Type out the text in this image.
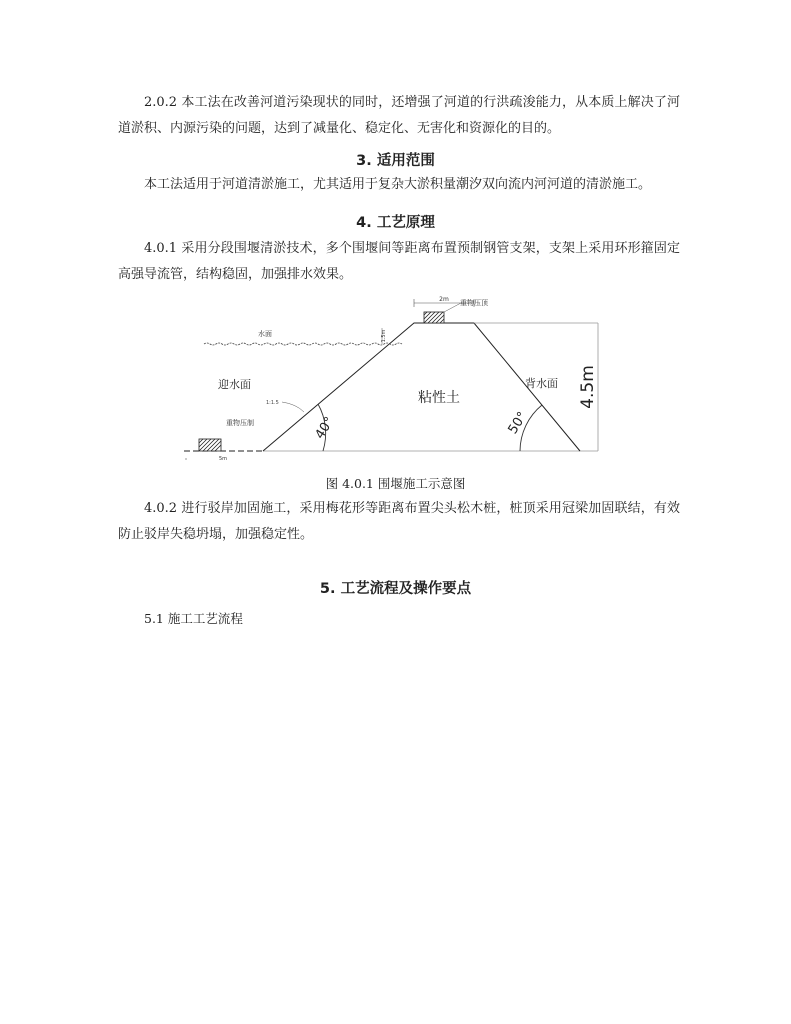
2.0.2 本工法在改善河道污染现状的同时，还增强了河道的行洪疏浚能力，从本质上解决了河道淤积、内源污染的问题，达到了减量化、稳定化、无害化和资源化的目的。

3. 适用范围

本工法适用于河道清淤施工，尤其适用于复杂大淤积量潮汐双向流内河河道的清淤施工。

4. 工艺原理

4.0.1 采用分段围堰清淤技术，多个围堰间等距离布置预制钢管支架，支架上采用环形箍固定高强导流管，结构稳固，加强排水效果。

2m 重物压顶
水面	1.5m
迎水面
1:1.5	粘性土
背水面 4.5m
40°	50°
重物压制
5m

图 4.0.1 围堰施工示意图

4.0.2 进行驳岸加固施工，采用梅花形等距离布置尖头松木桩，桩顶采用冠梁加固联结，有效防止驳岸失稳坍塌，加强稳定性。

5. 工艺流程及操作要点

5.1 施工工艺流程
